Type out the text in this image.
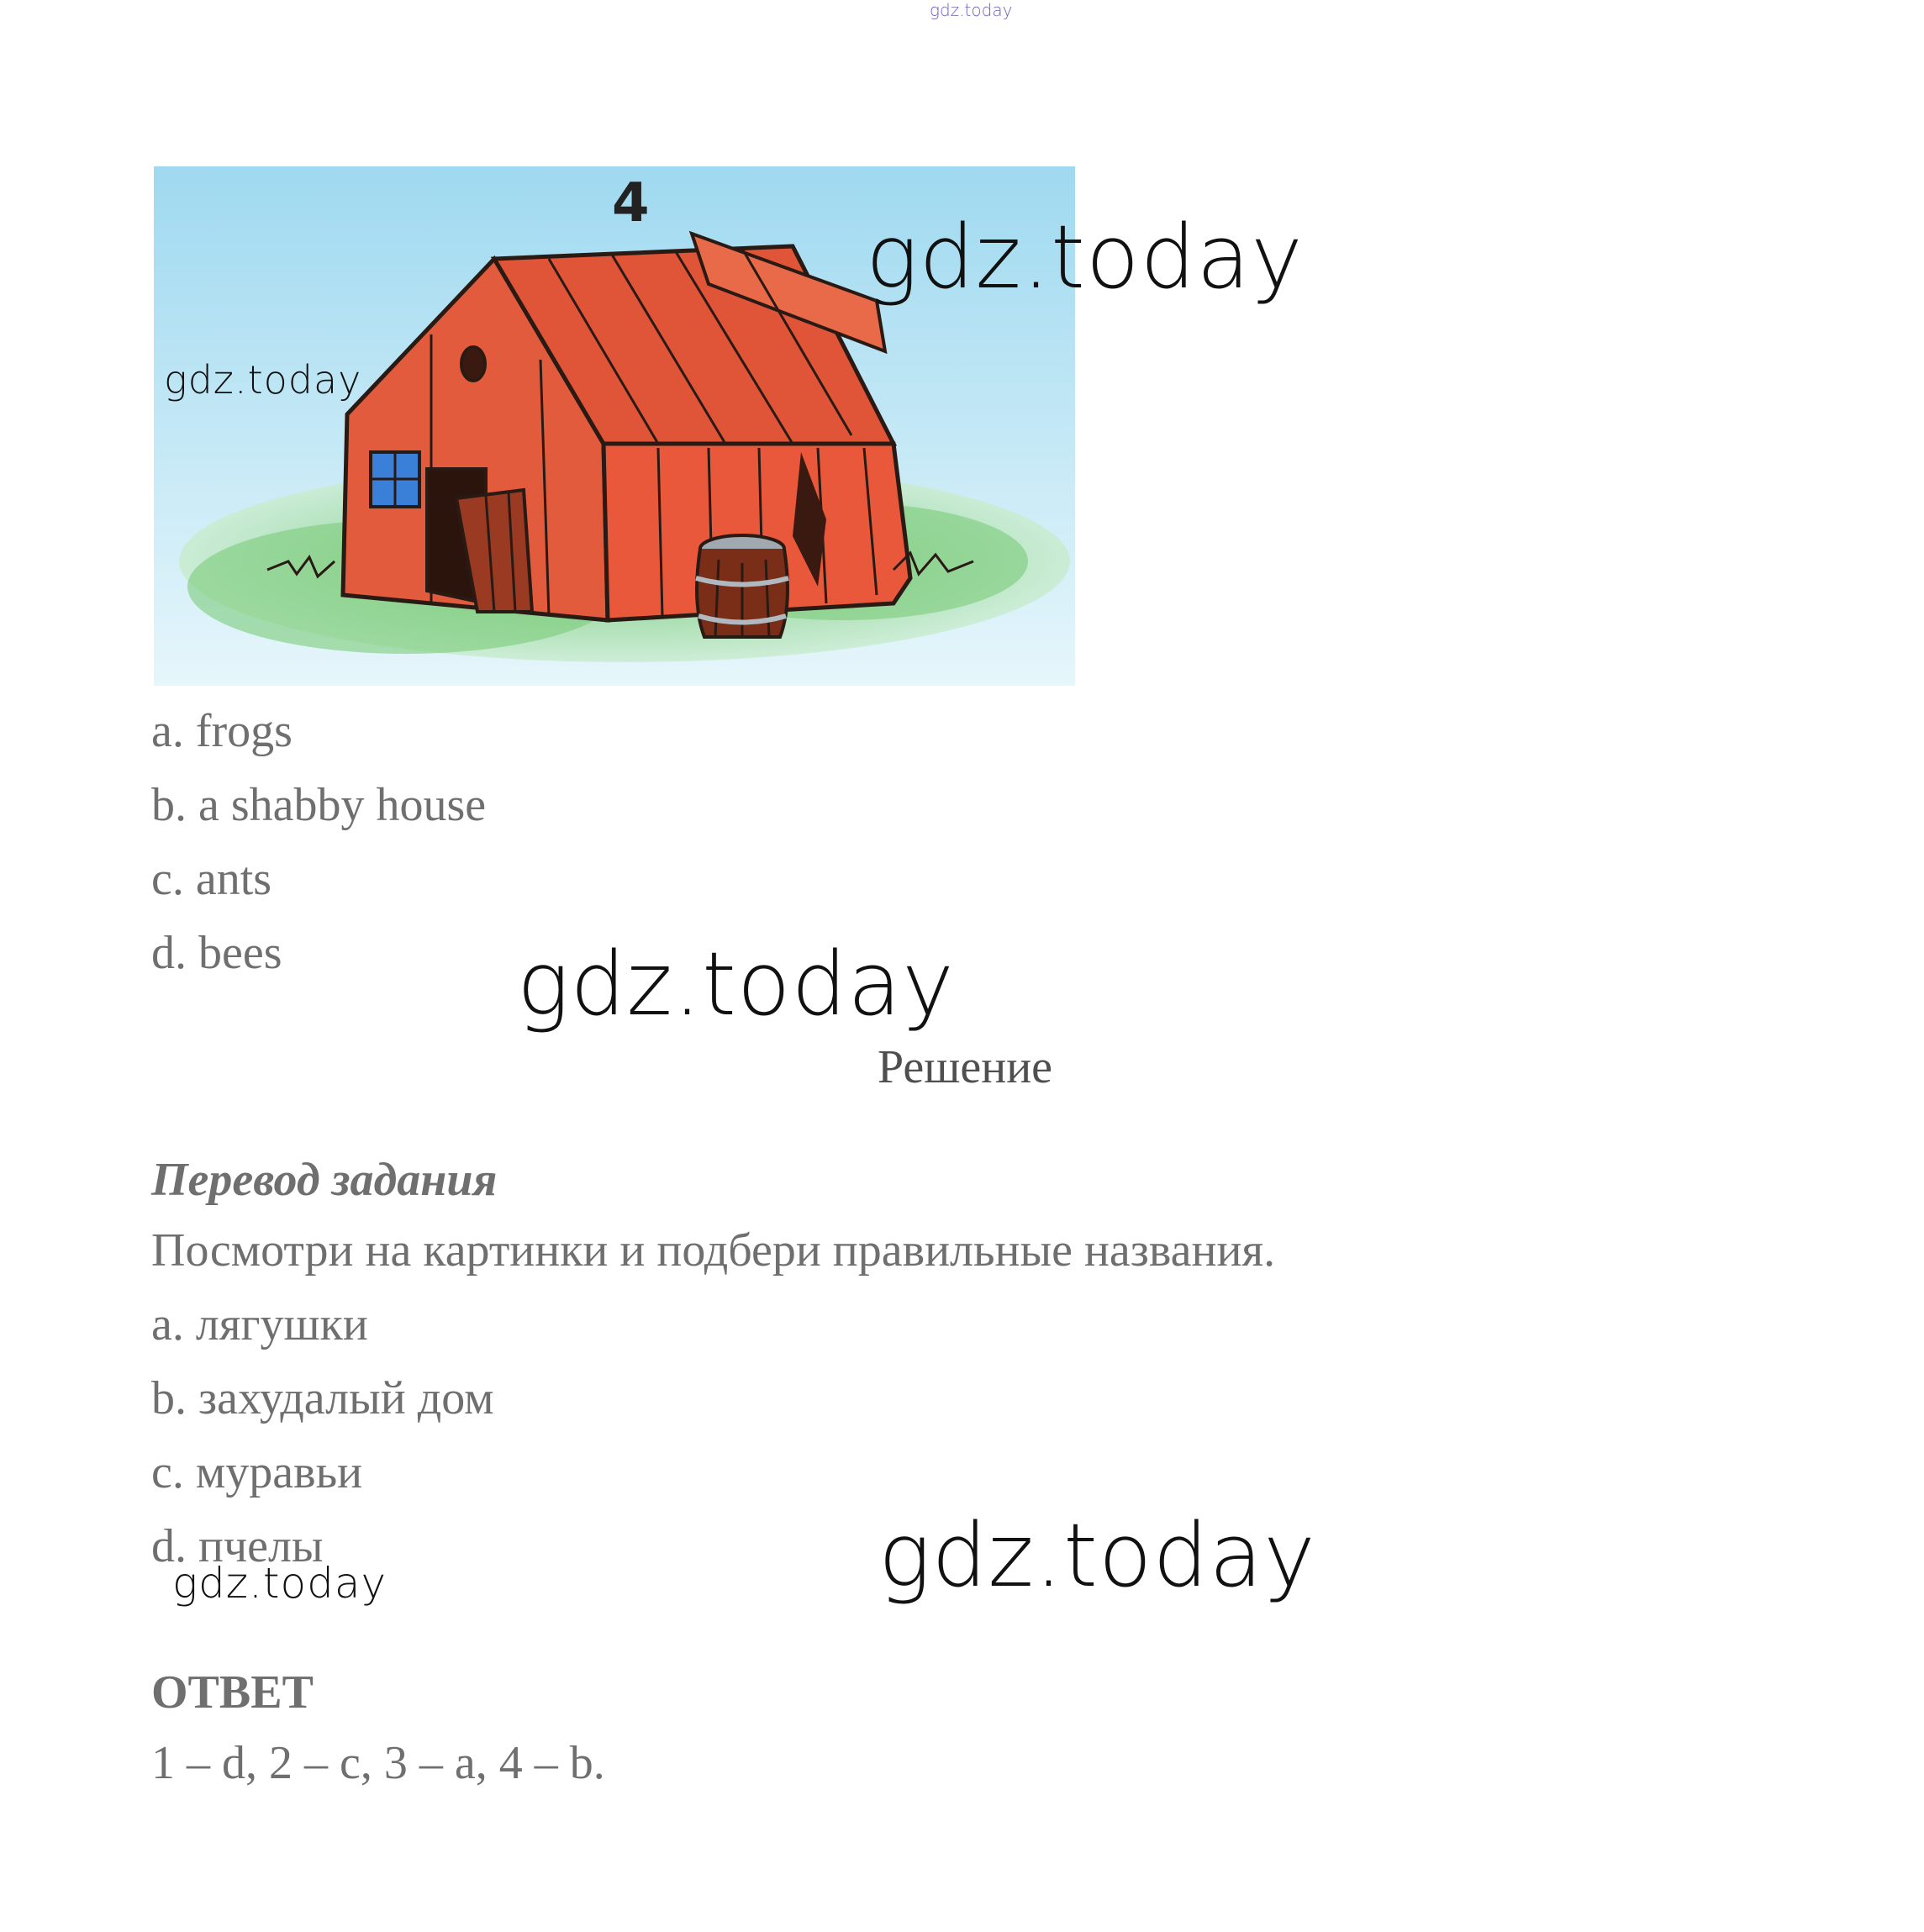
gdz.today
4
gdz.today
gdz.today
a. frogs
b. a shabby house
c. ants
d. bees	gdz.today
Решение
Перевод задания
Посмотри на картинки и подбери правильные названия.
a. лягушки
b. захудалый дом
c. муравьи
d. пчелы	gdz.today
gdz.today
ОТВЕТ
1 – d, 2 – c, 3 – a, 4 – b.
